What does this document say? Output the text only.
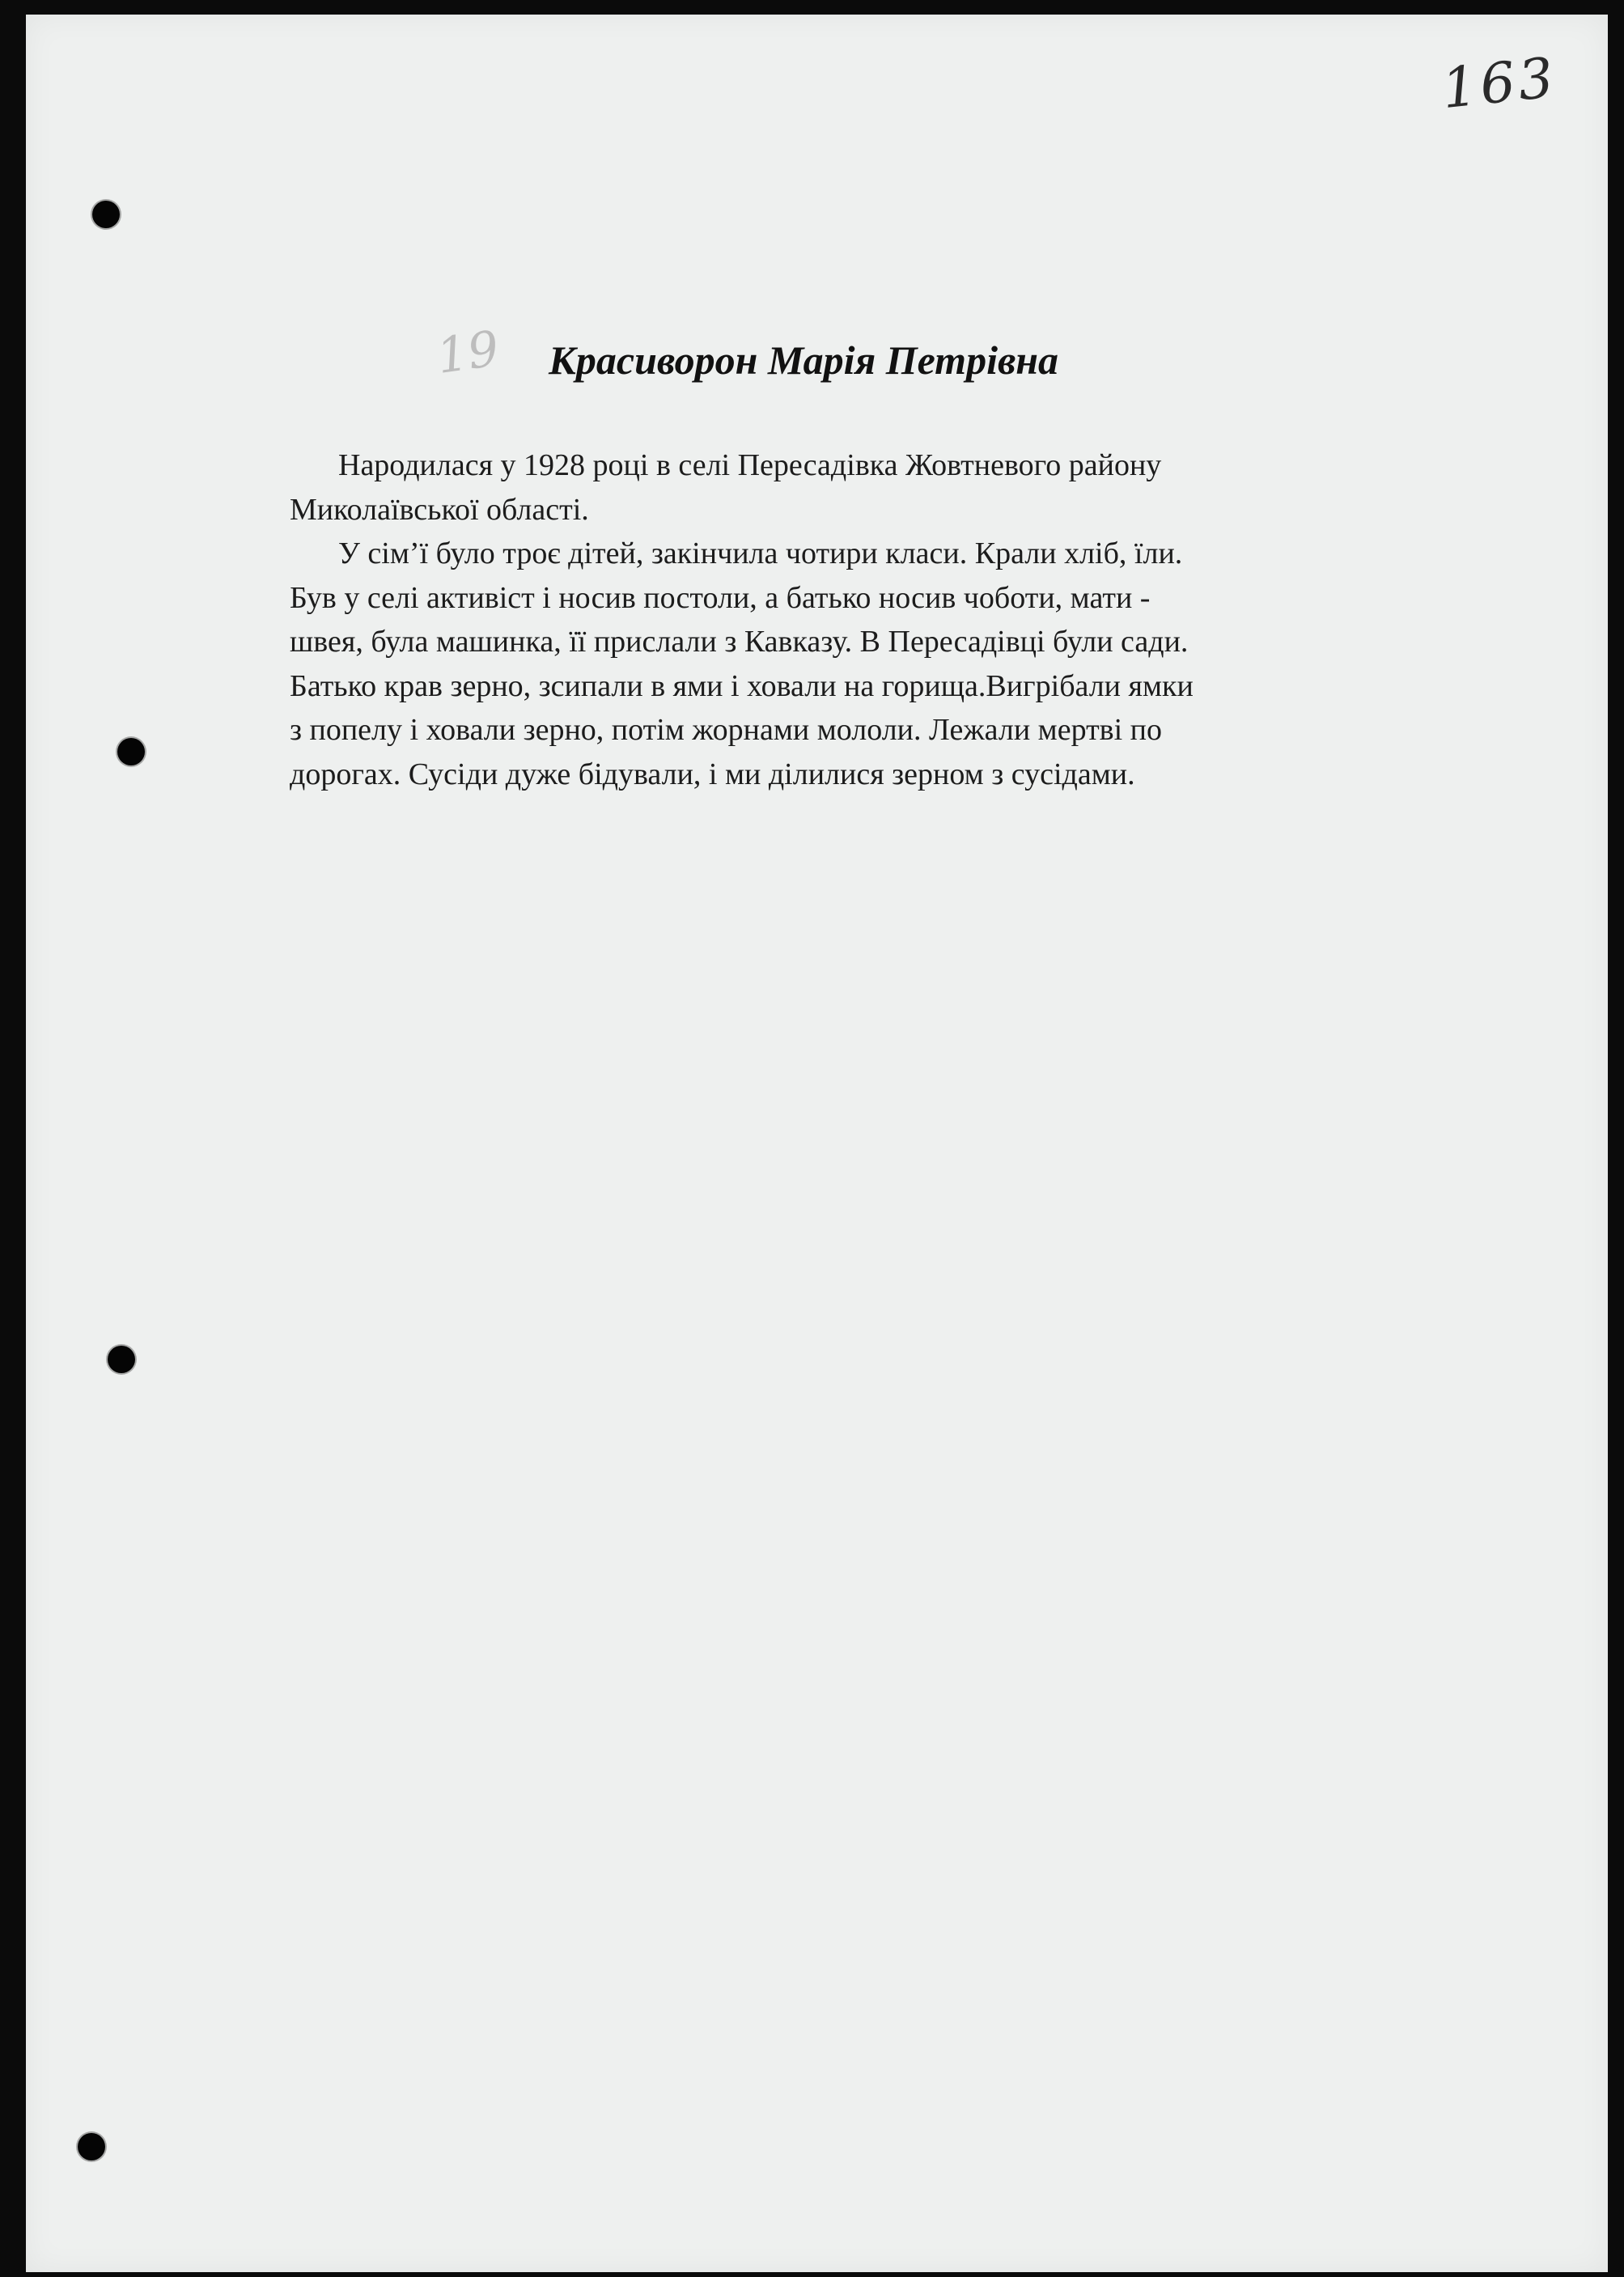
163
19 Красиворон Марія Петрівна

Народилася у 1928 році в селі Пересадівка Жовтневого району
Миколаївської області.

У сім’ї було троє дітей, закінчила чотири класи. Крали хліб, їли.
Був у селі активіст і носив постоли, а батько носив чоботи, мати -
швея, була машинка, її прислали з Кавказу. В Пересадівці були сади.
Батько крав зерно, зсипали в ями і ховали на горища.Вигрібали ямки
з попелу і ховали зерно, потім жорнами мололи. Лежали мертві по
дорогах. Сусіди дуже бідували, і ми ділилися зерном з сусідами.
